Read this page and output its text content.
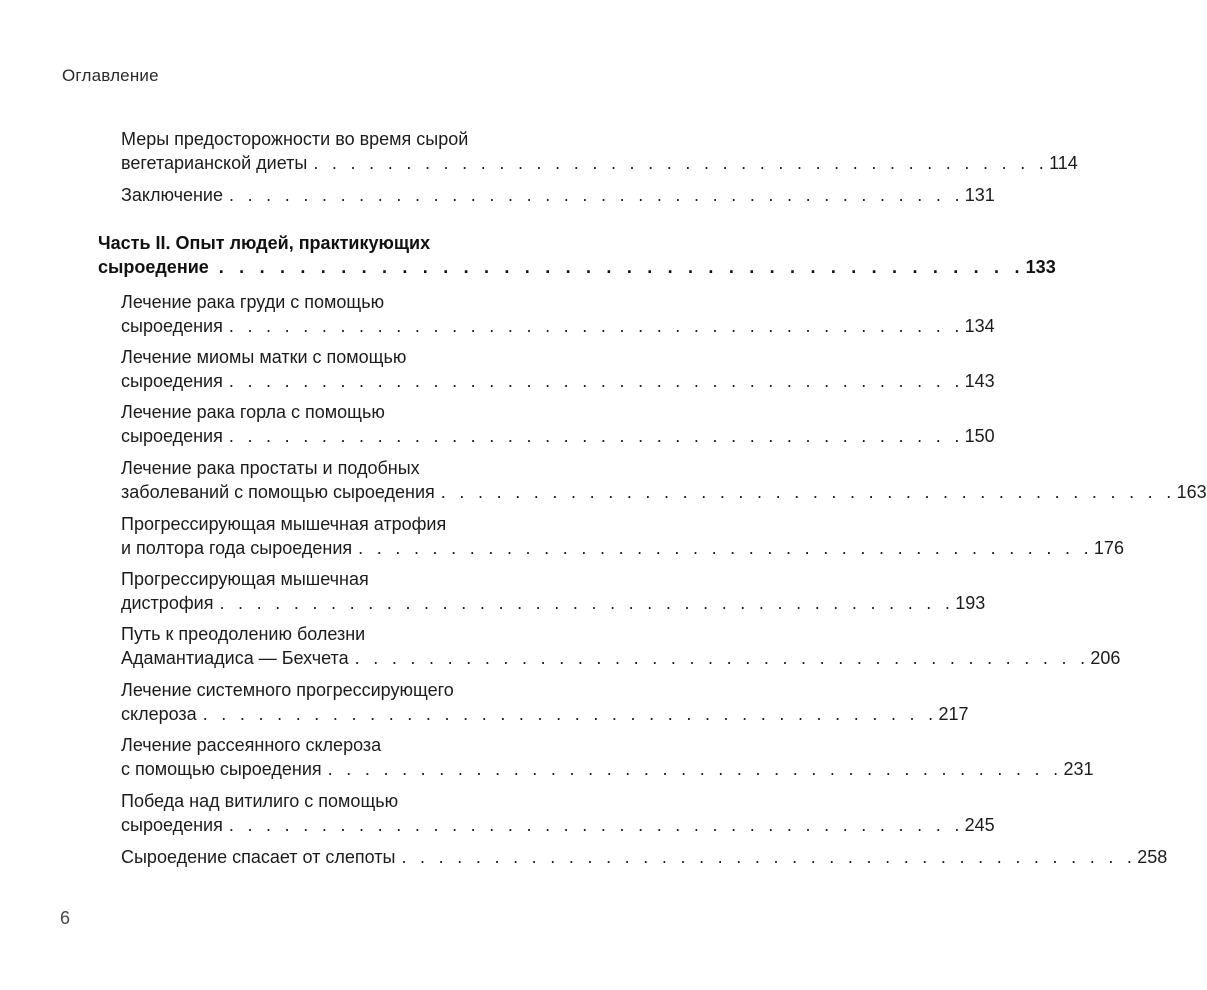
Оглавление
Меры предосторожности во время сырой
вегетарианской диеты . . . . . . . . . . . . . . . . . . . . . . . . . . . . . . . . . . . . . . . . 114
Заключение . . . . . . . . . . . . . . . . . . . . . . . . . . . . . . . . . . . . . . . . 131
Часть II. Опыт людей, практикующих
сыроедение . . . . . . . . . . . . . . . . . . . . . . . . . . . . . . . . . . . . . . . . 133
Лечение рака груди с помощью
сыроедения . . . . . . . . . . . . . . . . . . . . . . . . . . . . . . . . . . . . . . . . 134
Лечение миомы матки с помощью
сыроедения . . . . . . . . . . . . . . . . . . . . . . . . . . . . . . . . . . . . . . . . 143
Лечение рака горла с помощью
сыроедения . . . . . . . . . . . . . . . . . . . . . . . . . . . . . . . . . . . . . . . . 150
Лечение рака простаты и подобных
заболеваний с помощью сыроедения . . . . . . . . . . . . . . . . . . . . . . . . . . . . . . . . . . . . . . . . 163
Прогрессирующая мышечная атрофия
и полтора года сыроедения . . . . . . . . . . . . . . . . . . . . . . . . . . . . . . . . . . . . . . . . 176
Прогрессирующая мышечная
дистрофия . . . . . . . . . . . . . . . . . . . . . . . . . . . . . . . . . . . . . . . . 193
Путь к преодолению болезни
Адамантиадиса — Бехчета . . . . . . . . . . . . . . . . . . . . . . . . . . . . . . . . . . . . . . . . 206
Лечение системного прогрессирующего
склероза . . . . . . . . . . . . . . . . . . . . . . . . . . . . . . . . . . . . . . . . 217
Лечение рассеянного склероза
с помощью сыроедения . . . . . . . . . . . . . . . . . . . . . . . . . . . . . . . . . . . . . . . . 231
Победа над витилиго с помощью
сыроедения . . . . . . . . . . . . . . . . . . . . . . . . . . . . . . . . . . . . . . . . 245
Сыроедение спасает от слепоты . . . . . . . . . . . . . . . . . . . . . . . . . . . . . . . . . . . . . . . . 258
6
